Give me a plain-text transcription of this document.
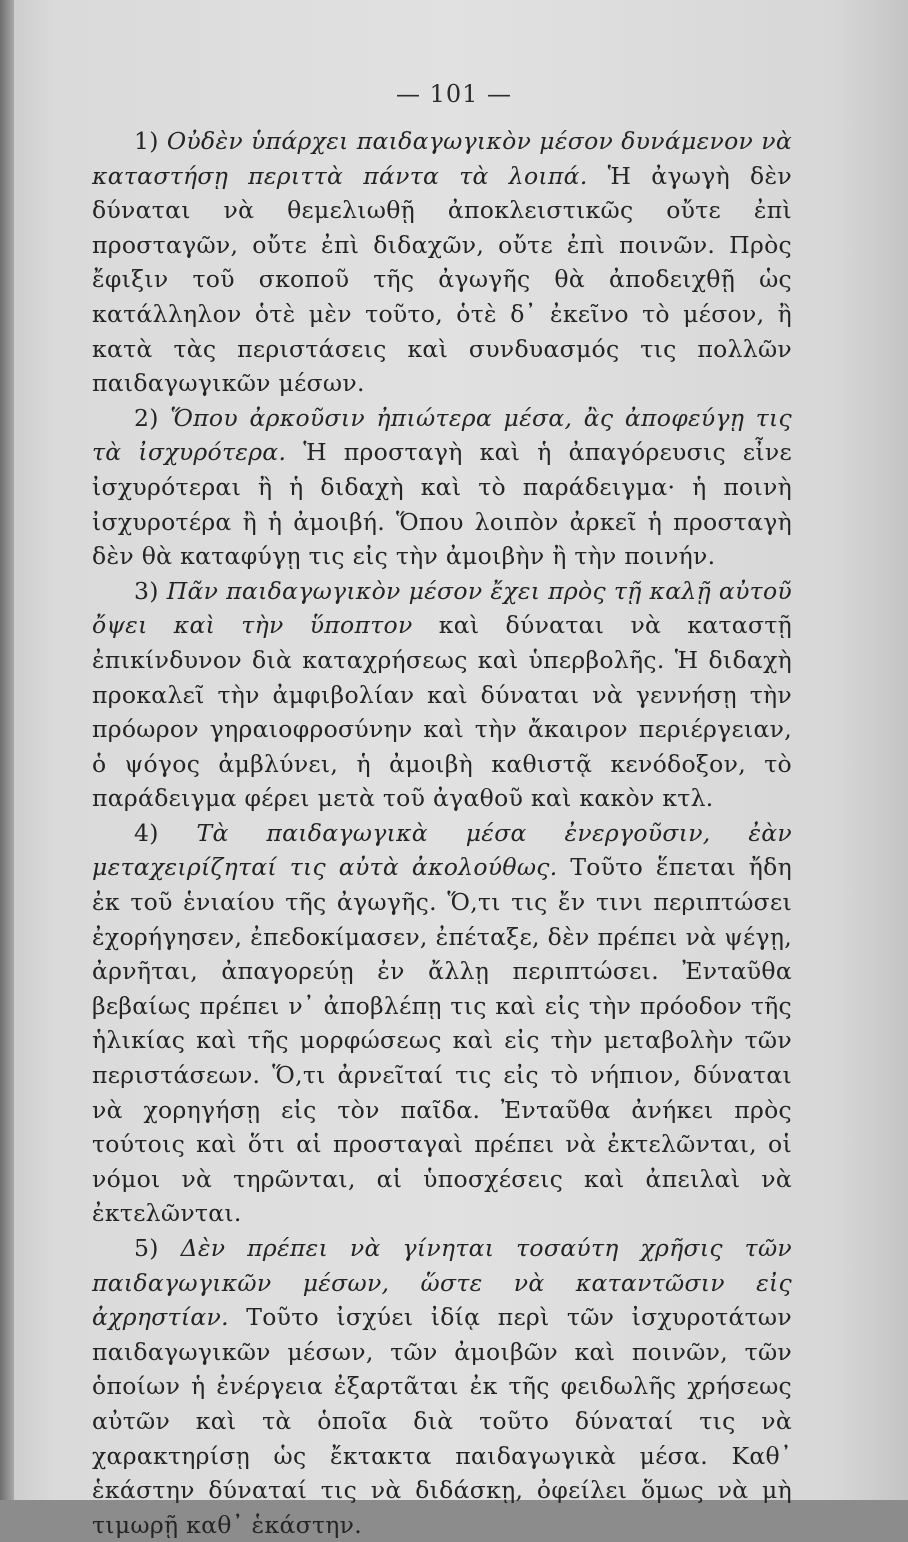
— 101 —

1) Οὐδὲν ὑπάρχει παιδαγωγικὸν μέσον δυνάμενον νὰ καταστήσῃ περιττὰ πάντα τὰ λοιπά. Ἡ ἀγωγὴ δὲν δύναται νὰ θεμελιωθῇ ἀποκλειστικῶς οὔτε ἐπὶ προσταγῶν, οὔτε ἐπὶ διδαχῶν, οὔτε ἐπὶ ποινῶν. Πρὸς ἔφιξιν τοῦ σκοποῦ τῆς ἀγωγῆς θὰ ἀποδειχθῇ ὡς κατάλληλον ὁτὲ μὲν τοῦτο, ὁτὲ δ᾽ ἐκεῖνο τὸ μέσον, ἢ κατὰ τὰς περιστάσεις καὶ συνδυασμός τις πολλῶν παιδαγωγικῶν μέσων.

2) Ὅπου ἀρκοῦσιν ἠπιώτερα μέσα, ἂς ἀποφεύγῃ τις τὰ ἰσχυρότερα. Ἡ προσταγὴ καὶ ἡ ἀπαγόρευσις εἶνε ἰσχυρότεραι ἢ ἡ διδαχὴ καὶ τὸ παράδειγμα· ἡ ποινὴ ἰσχυροτέρα ἢ ἡ ἀμοιβή. Ὅπου λοιπὸν ἀρκεῖ ἡ προσταγὴ δὲν θὰ καταφύγῃ τις εἰς τὴν ἀμοιβὴν ἢ τὴν ποινήν.

3) Πᾶν παιδαγωγικὸν μέσον ἔχει πρὸς τῇ καλῇ αὐτοῦ ὄψει καὶ τὴν ὕποπτον καὶ δύναται νὰ καταστῇ ἐπικίνδυνον διὰ καταχρήσεως καὶ ὑπερβολῆς. Ἡ διδαχὴ προκαλεῖ τὴν ἀμφιβολίαν καὶ δύναται νὰ γεννήσῃ τὴν πρόωρον γηραιοφροσύνην καὶ τὴν ἄκαιρον περιέργειαν, ὁ ψόγος ἀμβλύνει, ἡ ἀμοιβὴ καθιστᾷ κενόδοξον, τὸ παράδειγμα φέρει μετὰ τοῦ ἀγαθοῦ καὶ κακὸν κτλ.

4) Τὰ παιδαγωγικὰ μέσα ἐνεργοῦσιν, ἐὰν μεταχειρίζηταί τις αὐτὰ ἀκολούθως. Τοῦτο ἕπεται ἤδη ἐκ τοῦ ἑνιαίου τῆς ἀγωγῆς. Ὅ,τι τις ἔν τινι περιπτώσει ἐχορήγησεν, ἐπεδοκίμασεν, ἐπέταξε, δὲν πρέπει νὰ ψέγῃ, ἀρνῆται, ἀπαγορεύῃ ἐν ἄλλῃ περιπτώσει. Ἐνταῦθα βεβαίως πρέπει ν᾽ ἀποβλέπῃ τις καὶ εἰς τὴν πρόοδον τῆς ἡλικίας καὶ τῆς μορφώσεως καὶ εἰς τὴν μεταβολὴν τῶν περιστάσεων. Ὅ,τι ἀρνεῖταί τις εἰς τὸ νήπιον, δύναται νὰ χορηγήσῃ εἰς τὸν παῖδα. Ἐνταῦθα ἀνήκει πρὸς τούτοις καὶ ὅτι αἱ προσταγαὶ πρέπει νὰ ἐκτελῶνται, οἱ νόμοι νὰ τηρῶνται, αἱ ὑποσχέσεις καὶ ἀπειλαὶ νὰ ἐκτελῶνται.

5) Δὲν πρέπει νὰ γίνηται τοσαύτη χρῆσις τῶν παιδαγωγικῶν μέσων, ὥστε νὰ καταντῶσιν εἰς ἀχρηστίαν. Τοῦτο ἰσχύει ἰδίᾳ περὶ τῶν ἰσχυροτάτων παιδαγωγικῶν μέσων, τῶν ἀμοιβῶν καὶ ποινῶν, τῶν ὁποίων ἡ ἐνέργεια ἐξαρτᾶται ἐκ τῆς φειδωλῆς χρήσεως αὐτῶν καὶ τὰ ὁποῖα διὰ τοῦτο δύναταί τις νὰ χαρακτηρίσῃ ὡς ἔκτακτα παιδαγωγικὰ μέσα. Καθ᾽ ἑκάστην δύναταί τις νὰ διδάσκῃ, ὀφείλει ὅμως νὰ μὴ τιμωρῇ καθ᾽ ἑκάστην.
